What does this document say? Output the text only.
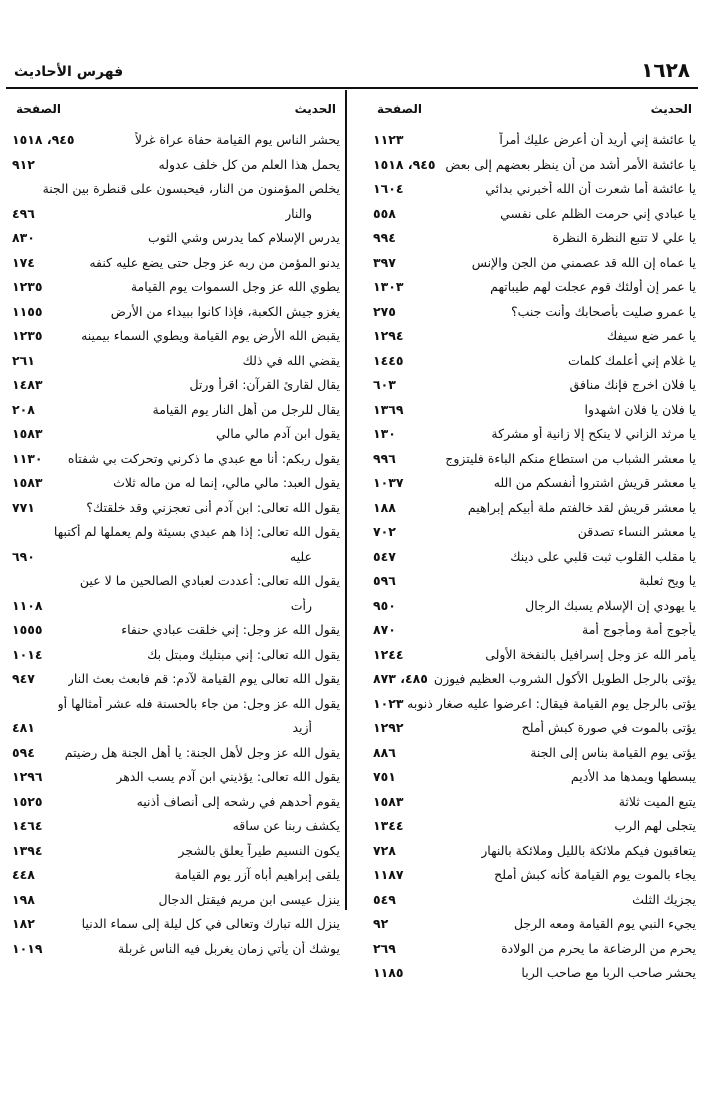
١٦٢٨
فهرس الأحاديث
الحديث
الصفحة
يا عائشة إني أريد أن أعرض عليك أمراً
١١٢٣
يا عائشة الأمر أشد من أن ينظر بعضهم إلى بعض
٩٤٥، ١٥١٨
يا عائشة أما شعرت أن الله أخبرني بدائي
١٦٠٤
يا عبادي إني حرمت الظلم على نفسي
٥٥٨
يا علي لا تتبع النظرة النظرة
٩٩٤
يا عماه إن الله قد عصمني من الجن والإنس
٣٩٧
يا عمر إن أولئك قوم عجلت لهم طيباتهم
١٣٠٣
يا عمرو صليت بأصحابك وأنت جنب؟
٢٧٥
يا عمر ضع سيفك
١٢٩٤
يا غلام إني أعلمك كلمات
١٤٤٥
يا فلان اخرج فإنك منافق
٦٠٣
يا فلان يا فلان اشهدوا
١٣٦٩
يا مرثد الزاني لا ينكح إلا زانية أو مشركة
١٣٠
يا معشر الشباب من استطاع منكم الباءة فليتزوج
٩٩٦
يا معشر قريش اشتروا أنفسكم من الله
١٠٣٧
يا معشر قريش لقد خالفتم ملة أبيكم إبراهيم
١٨٨
يا معشر النساء تصدقن
٧٠٢
يا مقلب القلوب ثبت قلبي على دينك
٥٤٧
يا ويح ثعلبة
٥٩٦
يا يهودي إن الإسلام يسبك الرجال
٩٥٠
يأجوج أمة ومأجوج أمة
٨٧٠
يأمر الله عز وجل إسرافيل بالنفخة الأولى
١٢٤٤
يؤتى بالرجل الطويل الأكول الشروب العظيم فيوزن
٤٨٥، ٨٧٣
يؤتى بالرجل يوم القيامة فيقال: اعرضوا عليه صغار ذنوبه
١٠٢٣
يؤتى بالموت في صورة كبش أملح
١٢٩٢
يؤتى يوم القيامة بناس إلى الجنة
٨٨٦
يبسطها ويمدها مد الأديم
٧٥١
يتبع الميت ثلاثة
١٥٨٣
يتجلى لهم الرب
١٣٤٤
يتعاقبون فيكم ملائكة بالليل وملائكة بالنهار
٧٢٨
يجاء بالموت يوم القيامة كأنه كبش أملح
١١٨٧
يجزيك الثلث
٥٤٩
يجيء النبي يوم القيامة ومعه الرجل
٩٢
يحرم من الرضاعة ما يحرم من الولادة
٢٦٩
يحشر صاحب الربا مع صاحب الربا
١١٨٥
الحديث
الصفحة
يحشر الناس يوم القيامة حفاة عراة غرلاً
٩٤٥، ١٥١٨
يحمل هذا العلم من كل خلف عدوله
٩١٢
يخلص المؤمنون من النار، فيحبسون على قنطرة بين الجنة
والنار
٤٩٦
يدرس الإسلام كما يدرس وشي الثوب
٨٣٠
يدنو المؤمن من ربه عز وجل حتى يضع عليه كنفه
١٧٤
يطوي الله عز وجل السموات يوم القيامة
١٢٣٥
يغزو جيش الكعبة، فإذا كانوا ببيداء من الأرض
١١٥٥
يقبض الله الأرض يوم القيامة ويطوي السماء بيمينه
١٢٣٥
يقضي الله في ذلك
٢٦١
يقال لقارئ القرآن: اقرأ ورتل
١٤٨٣
يقال للرجل من أهل النار يوم القيامة
٢٠٨
يقول ابن آدم مالي مالي
١٥٨٣
يقول ربكم: أنا مع عبدي ما ذكرني وتحركت بي شفتاه
١١٣٠
يقول العبد: مالي مالي، إنما له من ماله ثلاث
١٥٨٣
يقول الله تعالى: ابن آدم أنى تعجزني وقد خلقتك؟
٧٧١
يقول الله تعالى: إذا هم عبدي بسيئة ولم يعملها لم أكتبها
عليه
٦٩٠
يقول الله تعالى: أعددت لعبادي الصالحين ما لا عين
رأت
١١٠٨
يقول الله عز وجل: إني خلقت عبادي حنفاء
١٥٥٥
يقول الله تعالى: إني مبتليك ومبتل بك
١٠١٤
يقول الله تعالى يوم القيامة لآدم: قم فابعث بعث النار
٩٤٧
يقول الله عز وجل: من جاء بالحسنة فله عشر أمثالها أو
أزيد
٤٨١
يقول الله عز وجل لأهل الجنة: يا أهل الجنة هل رضيتم
٥٩٤
يقول الله تعالى: يؤذيني ابن آدم يسب الدهر
١٢٩٦
يقوم أحدهم في رشحه إلى أنصاف أذنيه
١٥٢٥
يكشف ربنا عن ساقه
١٤٦٤
يكون النسيم طيراً يعلق بالشجر
١٣٩٤
يلقى إبراهيم أباه آزر يوم القيامة
٤٤٨
ينزل عيسى ابن مريم فيقتل الدجال
١٩٨
ينزل الله تبارك وتعالى في كل ليلة إلى سماء الدنيا
١٨٢
يوشك أن يأتي زمان يغربل فيه الناس غربلة
١٠١٩
